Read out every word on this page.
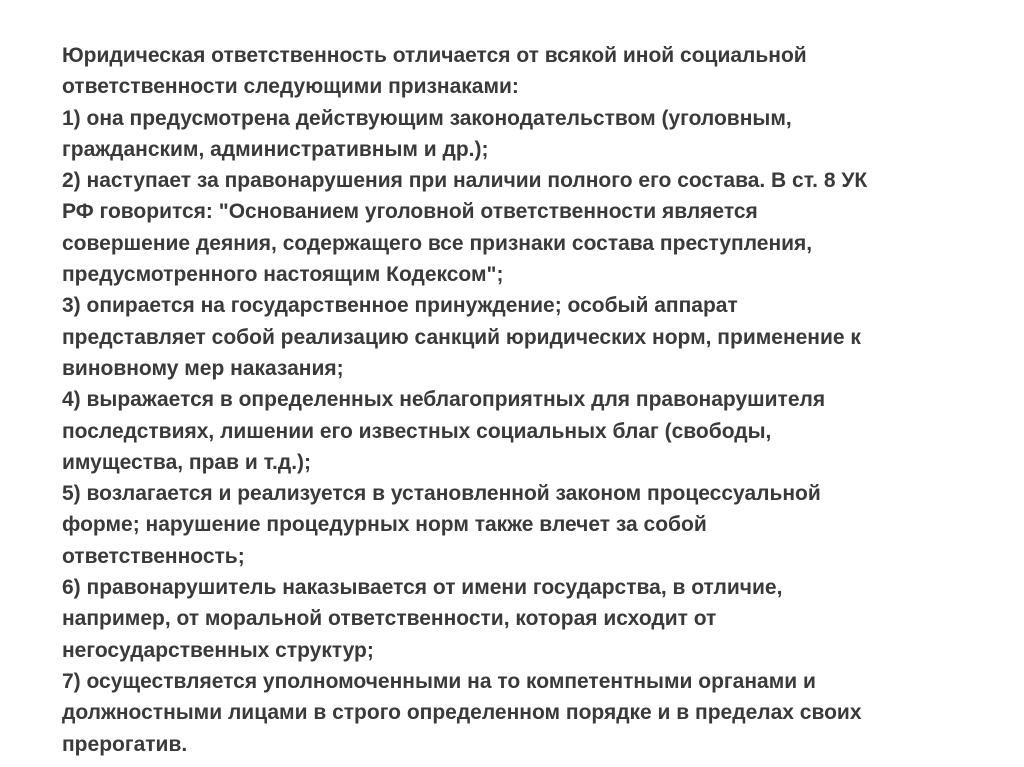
Юридическая ответственность отличается от всякой иной социальной
ответственности следующими признаками:
1) она предусмотрена действующим законодательством (уголовным,
гражданским, административным и др.);
2) наступает за правонарушения при наличии полного его состава. В ст. 8 УК
РФ говорится: "Основанием уголовной ответственности является
совершение деяния, содержащего все признаки состава преступления,
предусмотренного настоящим Кодексом";
3) опирается на государственное принуждение; особый аппарат
представляет собой реализацию санкций юридических норм, применение к
виновному мер наказания;
4) выражается в определенных неблагоприятных для правонарушителя
последствиях, лишении его известных социальных благ (свободы,
имущества, прав и т.д.);
5) возлагается и реализуется в установленной законом процессуальной
форме; нарушение процедурных норм также влечет за собой
ответственность;
6) правонарушитель наказывается от имени государства, в отличие,
например, от моральной ответственности, которая исходит от
негосударственных структур;
7) осуществляется уполномоченными на то компетентными органами и
должностными лицами в строго определенном порядке и в пределах своих
прерогатив.
